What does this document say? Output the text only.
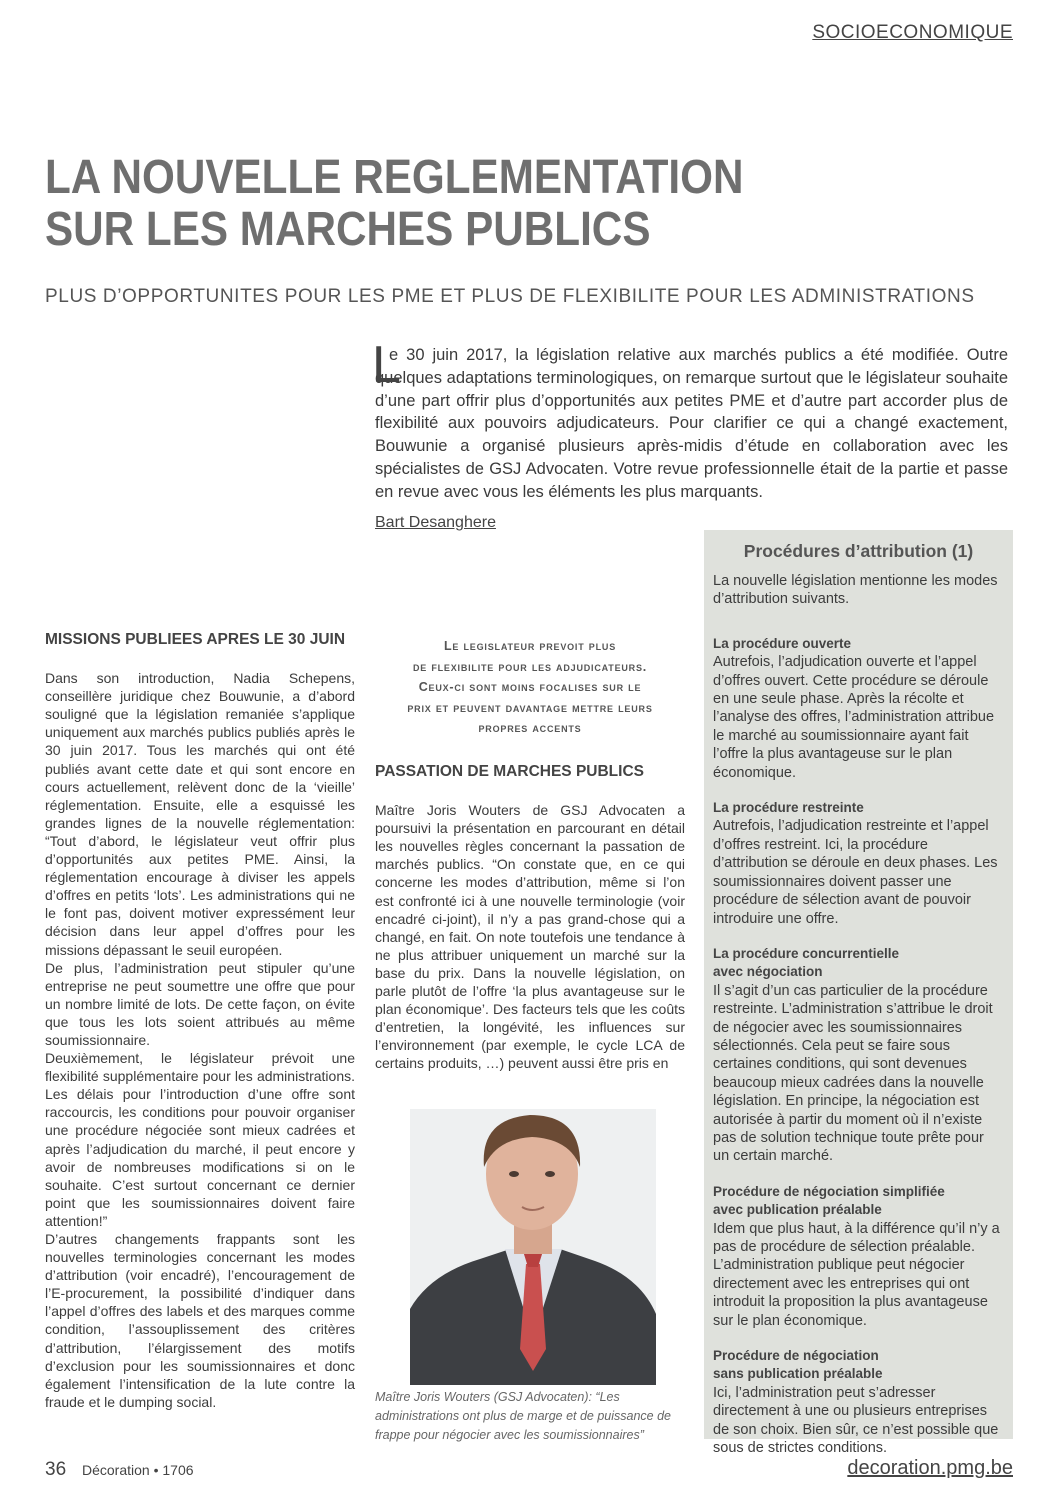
SOCIOECONOMIQUE
LA NOUVELLE REGLEMENTATION
SUR LES MARCHES PUBLICS
PLUS D’OPPORTUNITES POUR LES PME ET PLUS DE FLEXIBILITE POUR LES ADMINISTRATIONS
L
e 30 juin 2017, la législation relative aux marchés publics a été modifiée. Outre quelques adaptations terminologiques, on remarque surtout que le législateur souhaite d’une part offrir plus d’opportunités aux petites PME et d’autre part accorder plus de flexibilité aux pouvoirs adjudicateurs. Pour clarifier ce qui a changé exactement, Bouwunie a organisé plusieurs après-midis d’étude en collaboration avec les spécialistes de GSJ Advocaten. Votre revue professionnelle était de la partie et passe en revue avec vous les éléments les plus marquants.
Bart Desanghere
MISSIONS PUBLIEES APRES LE 30 JUIN

Dans son introduction, Nadia Schepens, conseillère juridique chez Bouwunie, a d’abord souligné que la législation remaniée s’applique uniquement aux marchés publics publiés après le 30 juin 2017. Tous les marchés qui ont été publiés avant cette date et qui sont encore en cours actuellement, relèvent donc de la ‘vieille’ réglementation. Ensuite, elle a esquissé les grandes lignes de la nouvelle réglementation: “Tout d’abord, le législateur veut offrir plus d’opportunités aux petites PME. Ainsi, la réglementation encourage à diviser les appels d’offres en petits ‘lots’. Les administrations qui ne le font pas, doivent motiver expressément leur décision dans leur appel d’offres pour les missions dépassant le seuil européen.

De plus, l’administration peut stipuler qu’une entreprise ne peut soumettre une offre que pour un nombre limité de lots. De cette façon, on évite que tous les lots soient attribués au même soumissionnaire.

Deuxièmement, le législateur prévoit une flexibilité supplémentaire pour les administrations. Les délais pour l’introduction d’une offre sont raccourcis, les conditions pour pouvoir organiser une procédure négociée sont mieux cadrées et après l’adjudication du marché, il peut encore y avoir de nombreuses modifications si on le souhaite. C’est surtout concernant ce dernier point que les soumissionnaires doivent faire attention!”

D’autres changements frappants sont les nouvelles terminologies concernant les modes d’attribution (voir encadré), l’encouragement de l’E-procurement, la possibilité d’indiquer dans l’appel d’offres des labels et des marques comme condition, l’assouplissement des critères d’attribution, l’élargissement des motifs d’exclusion pour les soumissionnaires et donc également l’intensification de la lute contre la fraude et le dumping social.

Le legislateur prevoit plus
de flexibilite pour les adjudicateurs.
Ceux-ci sont moins focalises sur le
prix et peuvent davantage mettre leurs
propres accents
PASSATION DE MARCHES PUBLICS

Maître Joris Wouters de GSJ Advocaten a poursuivi la présentation en parcourant en détail les nouvelles règles concernant la passation de marchés publics. “On constate que, en ce qui concerne les modes d’attribution, même si l’on est confronté ici à une nouvelle terminologie (voir encadré ci-joint), il n’y a pas grand-chose qui a changé, en fait. On note toutefois une tendance à ne plus attribuer uniquement un marché sur la base du prix. Dans la nouvelle législation, on parle plutôt de l’offre ‘la plus avantageuse sur le plan économique’. Des facteurs tels que les coûts d’entretien, la longévité, les influences sur l’environnement (par exemple, le cycle LCA de certains produits, …) peuvent aussi être pris en

Maître Joris Wouters (GSJ Advocaten): “Les administrations ont plus de marge et de puissance de frappe pour négocier avec les soumissionnaires”
Procédures d’attribution (1)
La nouvelle législation mentionne les modes d’attribution suivants.
La procédure ouverte
Autrefois, l’adjudication ouverte et l’appel d’offres ouvert. Cette procédure se déroule en une seule phase. Après la récolte et l’analyse des offres, l’administration attribue le marché au soumissionnaire ayant fait l’offre la plus avantageuse sur le plan économique.
La procédure restreinte
Autrefois, l’adjudication restreinte et l’appel d’offres restreint. Ici, la procédure d’attribution se déroule en deux phases. Les soumissionnaires doivent passer une procédure de sélection avant de pouvoir introduire une offre.
La procédure concurrentielle avec négociation
Il s’agit d’un cas particulier de la procédure restreinte. L’administration s’attribue le droit de négocier avec les soumissionnaires sélectionnés. Cela peut se faire sous certaines conditions, qui sont devenues beaucoup mieux cadrées dans la nouvelle législation. En principe, la négociation est autorisée à partir du moment où il n’existe pas de solution technique toute prête pour un certain marché.
Procédure de négociation simplifiée avec publication préalable
Idem que plus haut, à la différence qu’il n’y a pas de procédure de sélection préalable. L’administration publique peut négocier directement avec les entreprises qui ont introduit la proposition la plus avantageuse sur le plan économique.
Procédure de négociation sans publication préalable
Ici, l’administration peut s’adresser directement à une ou plusieurs entreprises de son choix. Bien sûr, ce n’est possible que sous de strictes conditions.
36 Décoration • 1706	decoration.pmg.be
